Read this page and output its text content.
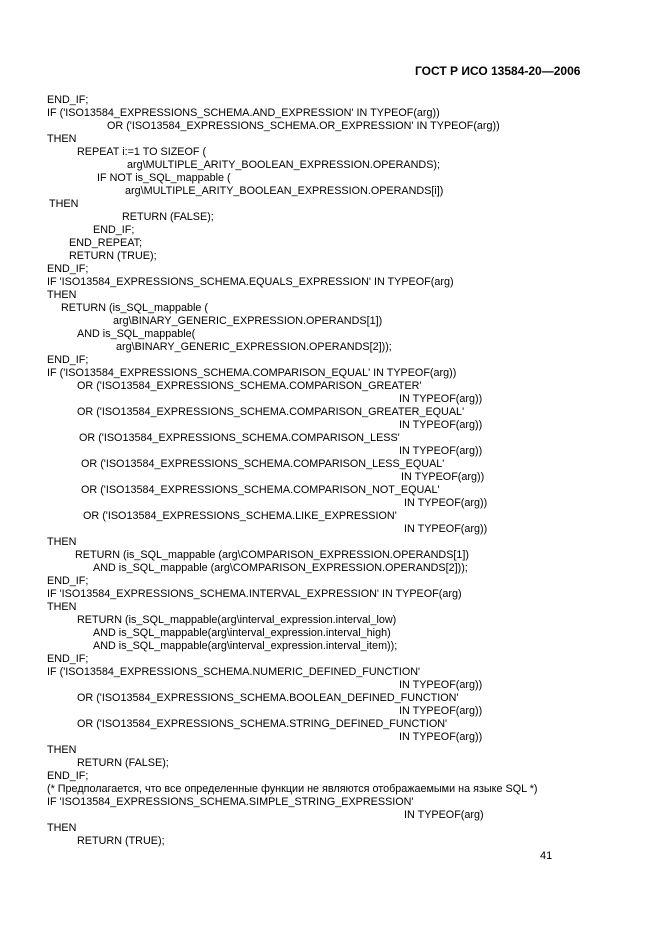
ГОСТ Р ИСО 13584-20—2006
END_IF;
IF ('ISO13584_EXPRESSIONS_SCHEMA.AND_EXPRESSION' IN TYPEOF(arg))
OR ('ISO13584_EXPRESSIONS_SCHEMA.OR_EXPRESSION' IN TYPEOF(arg))
THEN
REPEAT i:=1 TO SIZEOF (
arg\MULTIPLE_ARITY_BOOLEAN_EXPRESSION.OPERANDS);
IF NOT is_SQL_mappable (
arg\MULTIPLE_ARITY_BOOLEAN_EXPRESSION.OPERANDS[i])
THEN
RETURN (FALSE);
END_IF;
END_REPEAT;
RETURN (TRUE);
END_IF;
IF 'ISO13584_EXPRESSIONS_SCHEMA.EQUALS_EXPRESSION' IN TYPEOF(arg)
THEN
RETURN (is_SQL_mappable (
arg\BINARY_GENERIC_EXPRESSION.OPERANDS[1])
AND is_SQL_mappable(
arg\BINARY_GENERIC_EXPRESSION.OPERANDS[2]));
END_IF;
IF ('ISO13584_EXPRESSIONS_SCHEMA.COMPARISON_EQUAL' IN TYPEOF(arg))
OR ('ISO13584_EXPRESSIONS_SCHEMA.COMPARISON_GREATER'
IN TYPEOF(arg))
OR ('ISO13584_EXPRESSIONS_SCHEMA.COMPARISON_GREATER_EQUAL'
IN TYPEOF(arg))
OR ('ISO13584_EXPRESSIONS_SCHEMA.COMPARISON_LESS'
IN TYPEOF(arg))
OR ('ISO13584_EXPRESSIONS_SCHEMA.COMPARISON_LESS_EQUAL'
IN TYPEOF(arg))
OR ('ISO13584_EXPRESSIONS_SCHEMA.COMPARISON_NOT_EQUAL'
IN TYPEOF(arg))
OR ('ISO13584_EXPRESSIONS_SCHEMA.LIKE_EXPRESSION'
IN TYPEOF(arg))
THEN
RETURN (is_SQL_mappable (arg\COMPARISON_EXPRESSION.OPERANDS[1])
AND is_SQL_mappable (arg\COMPARISON_EXPRESSION.OPERANDS[2]));
END_IF;
IF 'ISO13584_EXPRESSIONS_SCHEMA.INTERVAL_EXPRESSION' IN TYPEOF(arg)
THEN
RETURN (is_SQL_mappable(arg\interval_expression.interval_low)
AND is_SQL_mappable(arg\interval_expression.interval_high)
AND is_SQL_mappable(arg\interval_expression.interval_item));
END_IF;
IF ('ISO13584_EXPRESSIONS_SCHEMA.NUMERIC_DEFINED_FUNCTION'
IN TYPEOF(arg))
OR ('ISO13584_EXPRESSIONS_SCHEMA.BOOLEAN_DEFINED_FUNCTION'
IN TYPEOF(arg))
OR ('ISO13584_EXPRESSIONS_SCHEMA.STRING_DEFINED_FUNCTION'
IN TYPEOF(arg))
THEN
RETURN (FALSE);
END_IF;
(* Предполагается, что все определенные функции не являются отображаемыми на языке SQL *)
IF 'ISO13584_EXPRESSIONS_SCHEMA.SIMPLE_STRING_EXPRESSION'
IN TYPEOF(arg)
THEN
RETURN (TRUE);
41
